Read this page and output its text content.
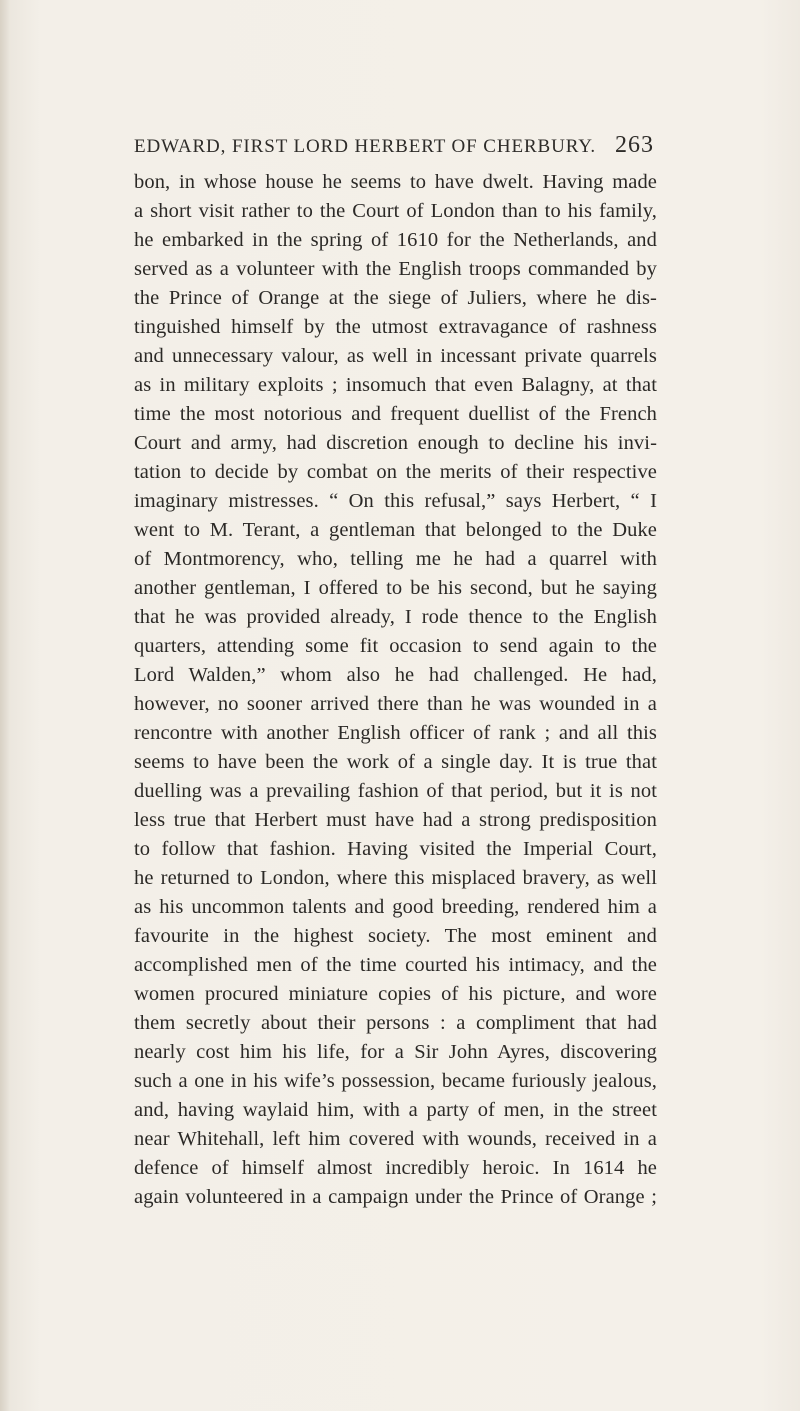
EDWARD, FIRST LORD HERBERT OF CHERBURY. 263
bon, in whose house he seems to have dwelt. Having made
a short visit rather to the Court of London than to his family,
he embarked in the spring of 1610 for the Netherlands, and
served as a volunteer with the English troops commanded by
the Prince of Orange at the siege of Juliers, where he dis-
tinguished himself by the utmost extravagance of rashness
and unnecessary valour, as well in incessant private quarrels
as in military exploits ; insomuch that even Balagny, at that
time the most notorious and frequent duellist of the French
Court and army, had discretion enough to decline his invi-
tation to decide by combat on the merits of their respective
imaginary mistresses. “ On this refusal,” says Herbert, “ I
went to M. Terant, a gentleman that belonged to the Duke
of Montmorency, who, telling me he had a quarrel with
another gentleman, I offered to be his second, but he saying
that he was provided already, I rode thence to the English
quarters, attending some fit occasion to send again to the
Lord Walden,” whom also he had challenged. He had,
however, no sooner arrived there than he was wounded in a
rencontre with another English officer of rank ; and all this
seems to have been the work of a single day. It is true that
duelling was a prevailing fashion of that period, but it is not
less true that Herbert must have had a strong predisposition
to follow that fashion. Having visited the Imperial Court,
he returned to London, where this misplaced bravery, as well
as his uncommon talents and good breeding, rendered him a
favourite in the highest society. The most eminent and
accomplished men of the time courted his intimacy, and the
women procured miniature copies of his picture, and wore
them secretly about their persons : a compliment that had
nearly cost him his life, for a Sir John Ayres, discovering
such a one in his wife’s possession, became furiously jealous,
and, having waylaid him, with a party of men, in the street
near Whitehall, left him covered with wounds, received in a
defence of himself almost incredibly heroic. In 1614 he
again volunteered in a campaign under the Prince of Orange ;
